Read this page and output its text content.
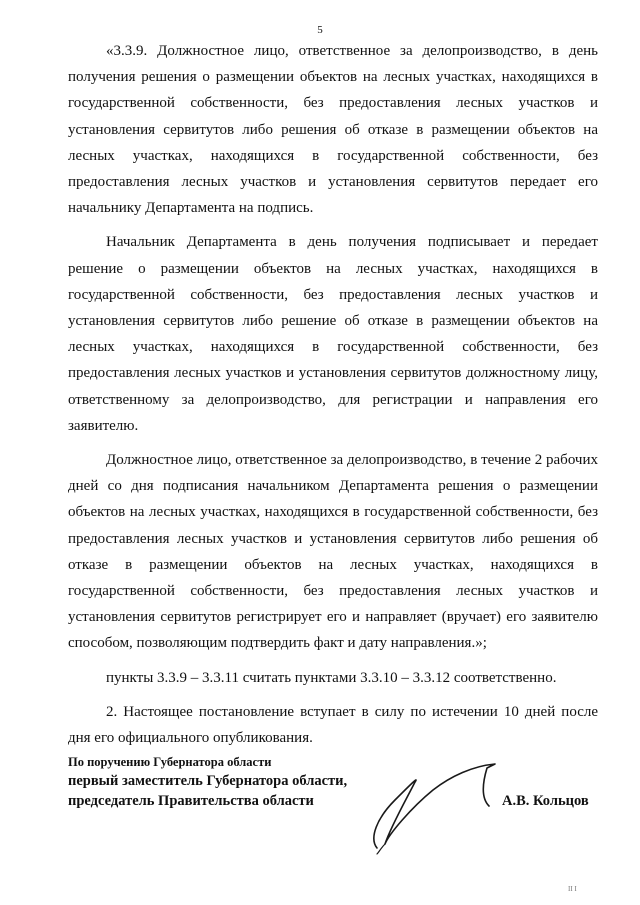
5

«3.3.9. Должностное лицо, ответственное за делопроизводство, в день получения решения о размещении объектов на лесных участках, находящихся в государственной собственности, без предоставления лесных участков и установления сервитутов либо решения об отказе в размещении объектов на лесных участках, находящихся в государственной собственности, без предоставления лесных участков и установления сервитутов передает его начальнику Департамента на подпись.

Начальник Департамента в день получения подписывает и передает решение о размещении объектов на лесных участках, находящихся в государственной собственности, без предоставления лесных участков и установления сервитутов либо решение об отказе в размещении объектов на лесных участках, находящихся в государственной собственности, без предоставления лесных участков и установления сервитутов должностному лицу, ответственному за делопроизводство, для регистрации и направления его заявителю.

Должностное лицо, ответственное за делопроизводство, в течение 2 рабочих дней со дня подписания начальником Департамента решения о размещении объектов на лесных участках, находящихся в государственной собственности, без предоставления лесных участков и установления сервитутов либо решения об отказе в размещении объектов на лесных участках, находящихся в государственной собственности, без предоставления лесных участков и установления сервитутов регистрирует его и направляет (вручает) его заявителю способом, позволяющим подтвердить факт и дату направления.»;

пункты 3.3.9 – 3.3.11 считать пунктами 3.3.10 – 3.3.12 соответственно.

2. Настоящее постановление вступает в силу по истечении 10 дней после дня его официального опубликования.

По поручению Губернатора области
первый заместитель Губернатора области,
председатель Правительства области	А.В. Кольцов
II I
